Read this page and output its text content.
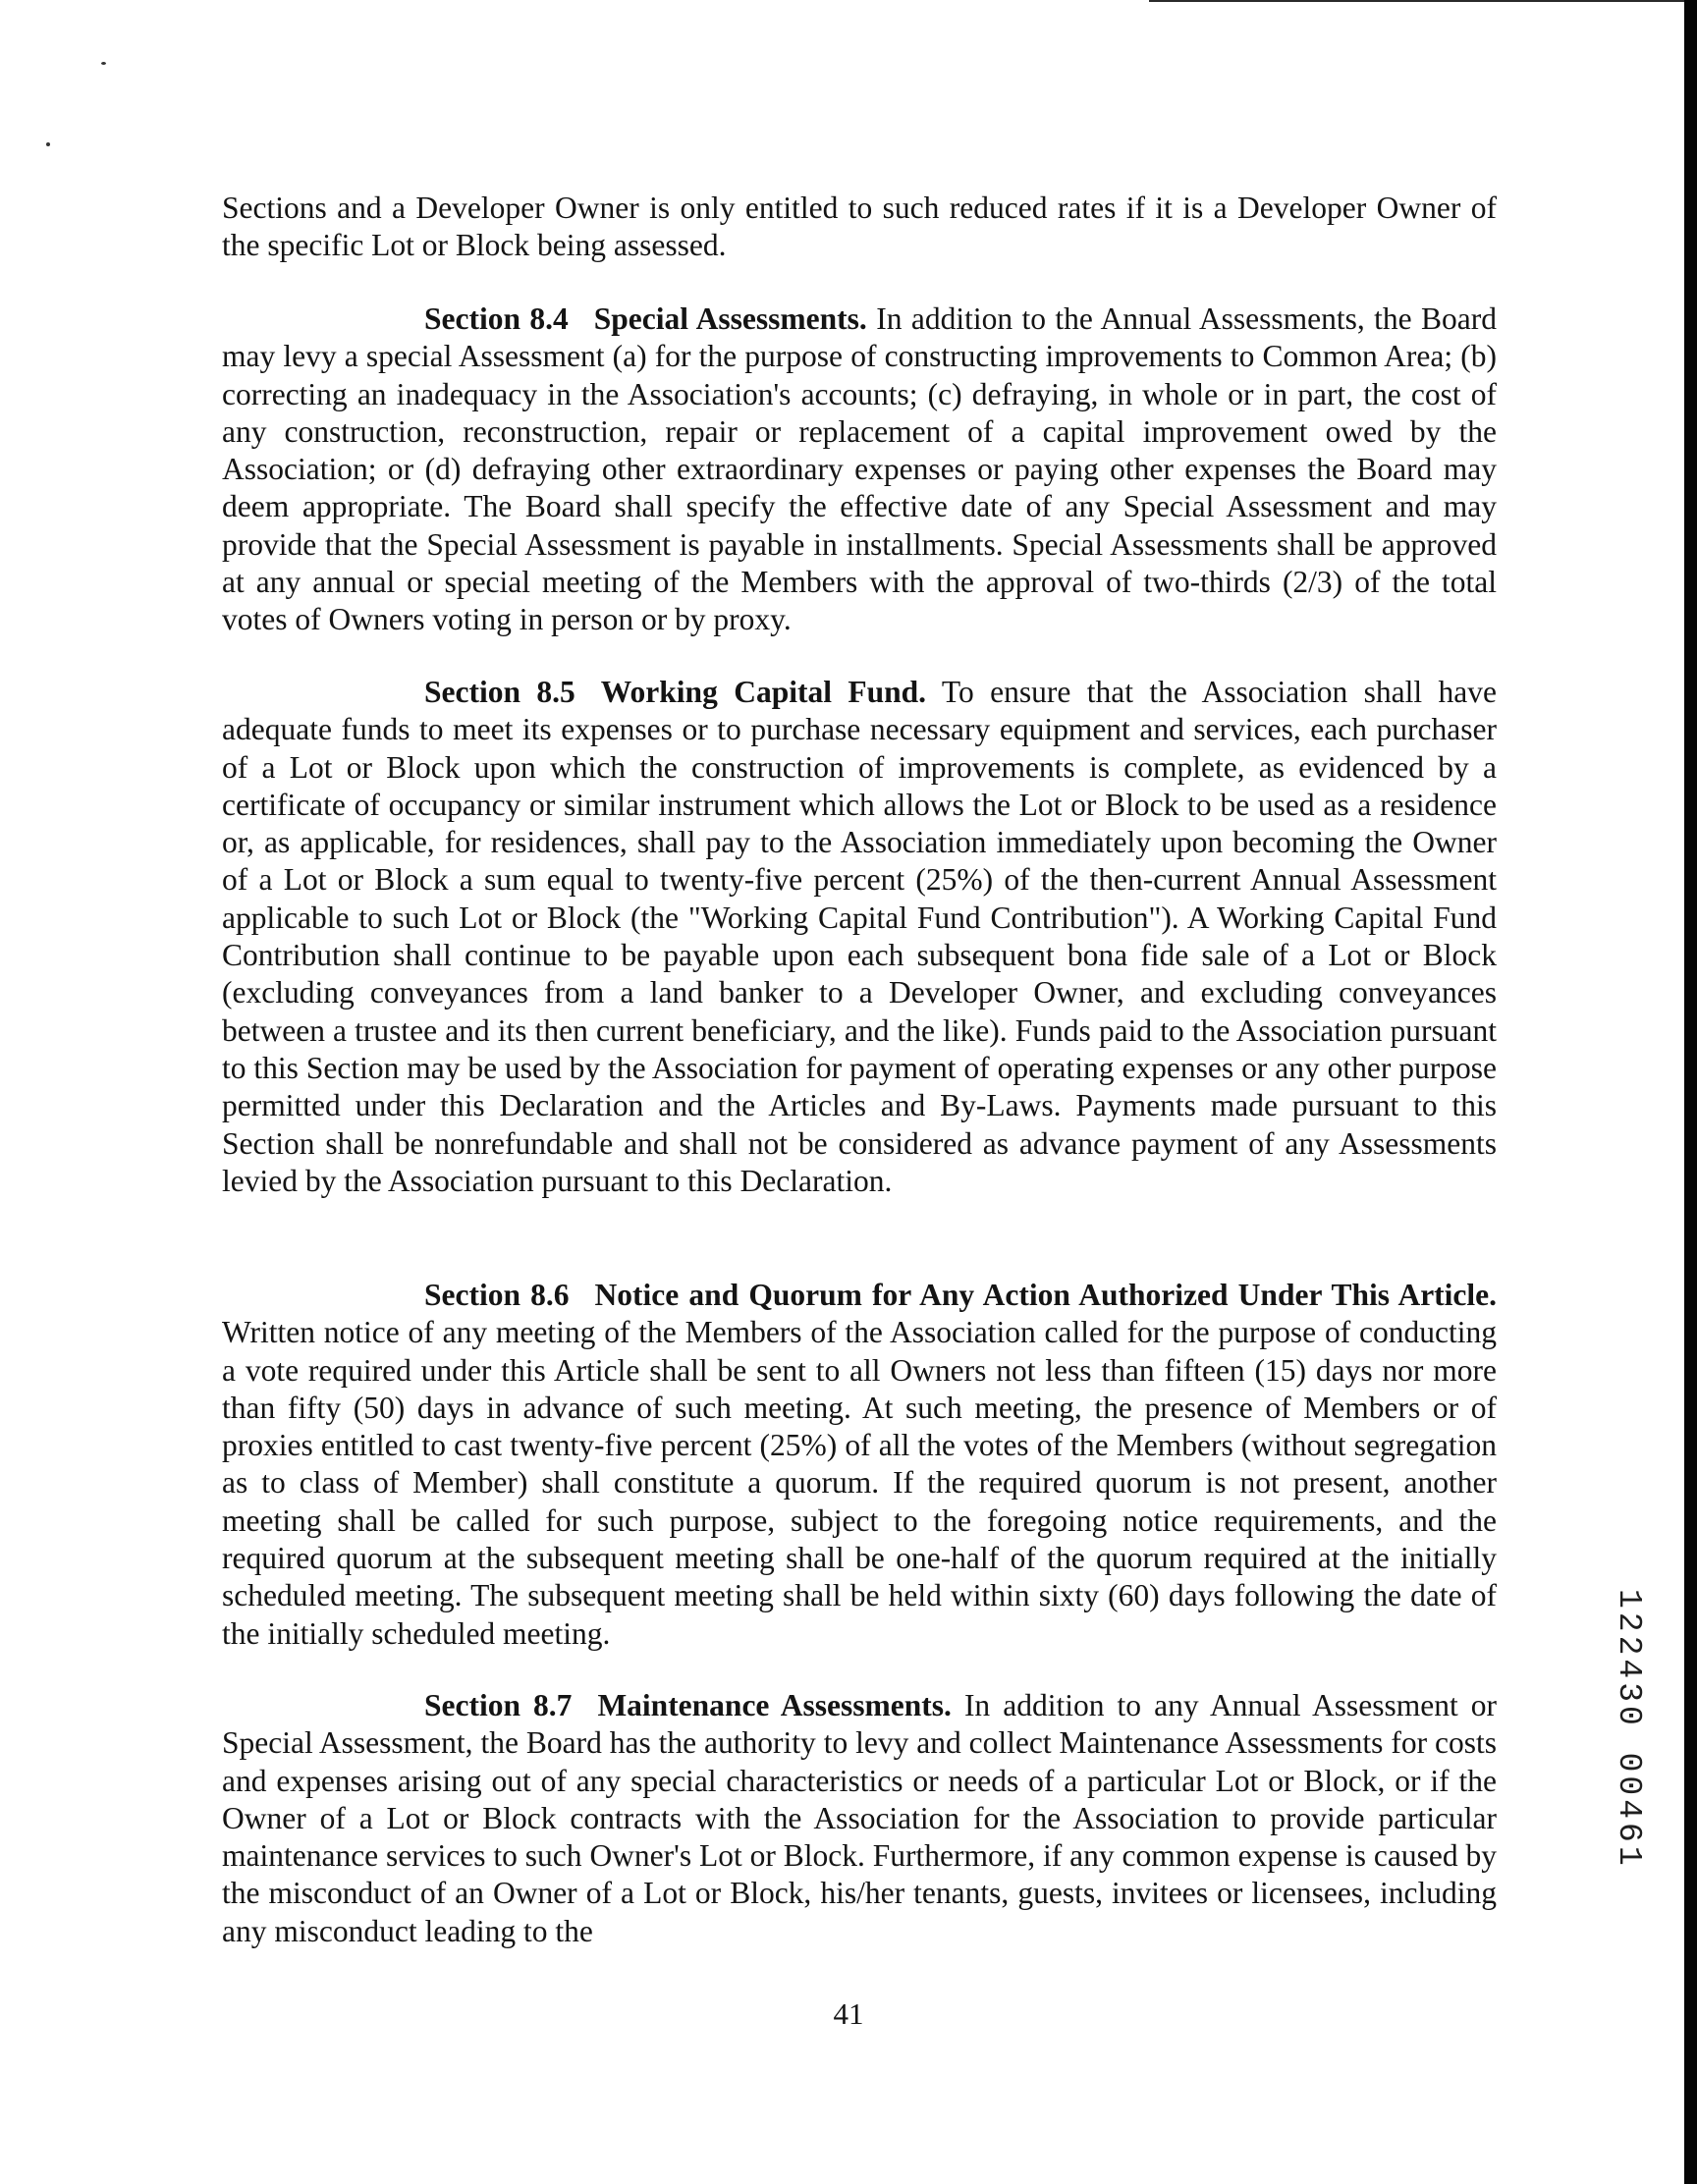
Sections and a Developer Owner is only entitled to such reduced rates if it is a Developer Owner of the specific Lot or Block being assessed.

Section 8.4 Special Assessments. In addition to the Annual Assessments, the Board may levy a special Assessment (a) for the purpose of constructing improvements to Common Area; (b) correcting an inadequacy in the Association's accounts; (c) defraying, in whole or in part, the cost of any construction, reconstruction, repair or replacement of a capital improvement owed by the Association; or (d) defraying other extraordinary expenses or paying other expenses the Board may deem appropriate. The Board shall specify the effective date of any Special Assessment and may provide that the Special Assessment is payable in installments. Special Assessments shall be approved at any annual or special meeting of the Members with the approval of two-thirds (2/3) of the total votes of Owners voting in person or by proxy.

Section 8.5 Working Capital Fund. To ensure that the Association shall have adequate funds to meet its expenses or to purchase necessary equipment and services, each purchaser of a Lot or Block upon which the construction of improvements is complete, as evidenced by a certificate of occupancy or similar instrument which allows the Lot or Block to be used as a residence or, as applicable, for residences, shall pay to the Association immediately upon becoming the Owner of a Lot or Block a sum equal to twenty-five percent (25%) of the then-current Annual Assessment applicable to such Lot or Block (the "Working Capital Fund Contribution"). A Working Capital Fund Contribution shall continue to be payable upon each subsequent bona fide sale of a Lot or Block (excluding conveyances from a land banker to a Developer Owner, and excluding conveyances between a trustee and its then current beneficiary, and the like). Funds paid to the Association pursuant to this Section may be used by the Association for payment of operating expenses or any other purpose permitted under this Declaration and the Articles and By-Laws. Payments made pursuant to this Section shall be nonrefundable and shall not be considered as advance payment of any Assessments levied by the Association pursuant to this Declaration.

Section 8.6 Notice and Quorum for Any Action Authorized Under This Article. Written notice of any meeting of the Members of the Association called for the purpose of conducting a vote required under this Article shall be sent to all Owners not less than fifteen (15) days nor more than fifty (50) days in advance of such meeting. At such meeting, the presence of Members or of proxies entitled to cast twenty-five percent (25%) of all the votes of the Members (without segregation as to class of Member) shall constitute a quorum. If the required quorum is not present, another meeting shall be called for such purpose, subject to the foregoing notice requirements, and the required quorum at the subsequent meeting shall be one-half of the quorum required at the initially scheduled meeting. The subsequent meeting shall be held within sixty (60) days following the date of the initially scheduled meeting.

Section 8.7 Maintenance Assessments. In addition to any Annual Assessment or Special Assessment, the Board has the authority to levy and collect Maintenance Assessments for costs and expenses arising out of any special characteristics or needs of a particular Lot or Block, or if the Owner of a Lot or Block contracts with the Association for the Association to provide particular maintenance services to such Owner's Lot or Block. Furthermore, if any common expense is caused by the misconduct of an Owner of a Lot or Block, his/her tenants, guests, invitees or licensees, including any misconduct leading to the

41

122430 00461
